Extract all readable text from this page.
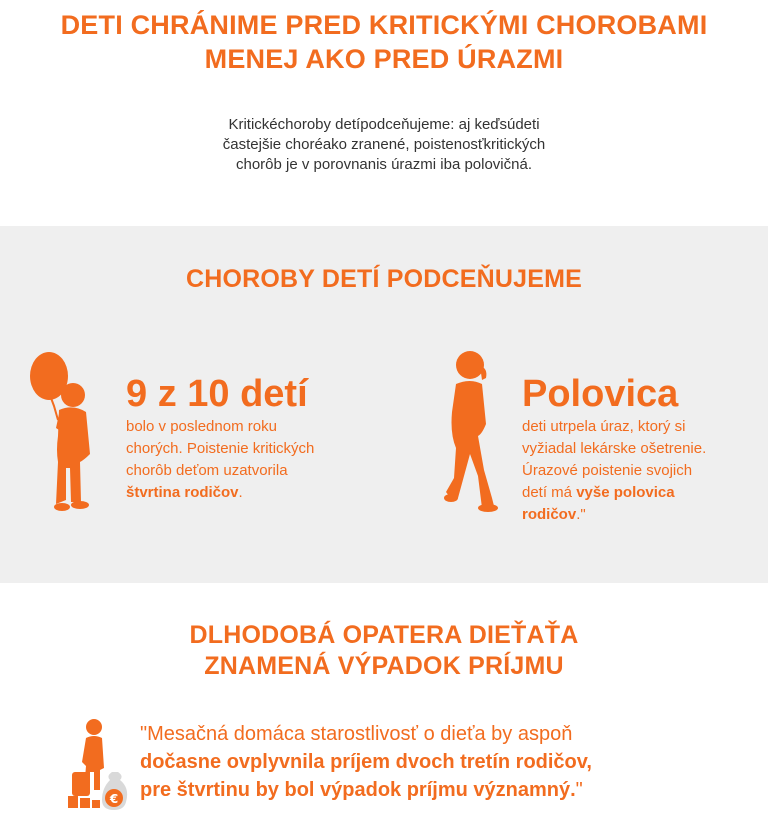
DETI CHRÁNIME PRED KRITICKÝMI CHOROBAMI
MENEJ AKO PRED ÚRAZMI
Kritickéchoroby detípodceňujeme: aj keďsúdeti
častejšie choréako zranené, poistenosťkritických
chorôb je v porovnanis úrazmi iba polovičná.
CHOROBY DETÍ PODCEŇUJEME
9 z 10 detí
bolo v poslednom roku
chorých. Poistenie kritických
chorôb deťom uzatvorila
štvrtina rodičov.
Polovica
deti utrpela úraz, ktorý si
vyžiadal lekárske ošetrenie.
Úrazové poistenie svojich
detí má vyše polovica
rodičov."
DLHODOBÁ OPATERA DIEŤAŤA
ZNAMENÁ VÝPADOK PRÍJMU
€
"Mesačná domáca starostlivosť o dieťa by aspoň
dočasne ovplyvnila príjem dvoch tretín rodičov,
pre štvrtinu by bol výpadok príjmu významný."
